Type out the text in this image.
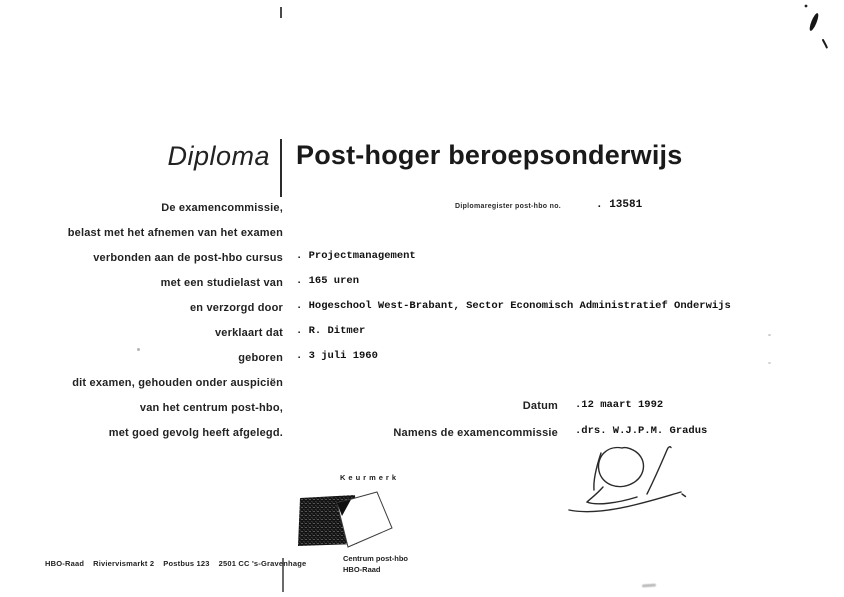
Diploma Post-hoger beroepsonderwijs
Diplomaregister post-hbo no.	. 13581
De examencommissie,
belast met het afnemen van het examen
verbonden aan de post-hbo cursus
met een studielast van
en verzorgd door
verklaart dat
geboren
dit examen, gehouden onder auspiciën
van het centrum post-hbo,
met goed gevolg heeft afgelegd.
. Projectmanagement
. 165 uren
. Hogeschool West-Brabant, Sector Economisch Administratief Onderwijs
. R. Ditmer
. 3 juli 1960
Datum .12 maart 1992
Namens de examencommissie .drs. W.J.P.M. Gradus
Keurmerk
Centrum post-hbo
HBO-Raad
HBO-Raad Riviervismarkt 2 Postbus 123 2501 CC 's-Gravenhage
